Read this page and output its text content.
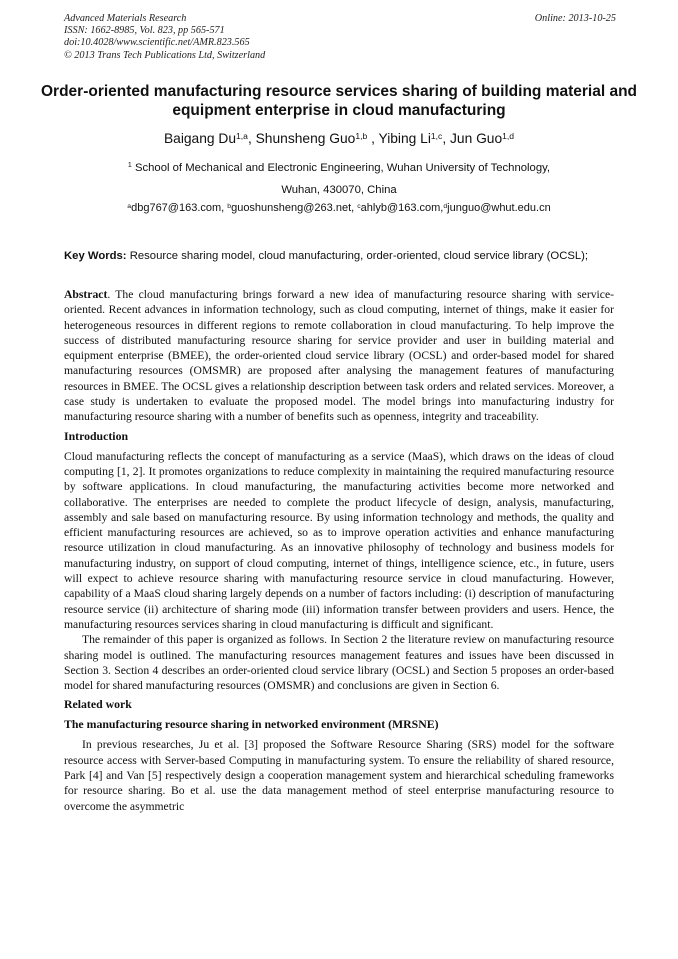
Advanced Materials Research
ISSN: 1662-8985, Vol. 823, pp 565-571
doi:10.4028/www.scientific.net/AMR.823.565
© 2013 Trans Tech Publications Ltd, Switzerland
Online: 2013-10-25
Order-oriented manufacturing resource services sharing of building material and equipment enterprise in cloud manufacturing
Baigang Du$^{1,a}$, Shunsheng Guo$^{1,b}$ , Yibing Li$^{1,c}$, Jun Guo$^{1,d}$
$^1$ School of Mechanical and Electronic Engineering, Wuhan University of Technology,
Wuhan, 430070, China
$^a$dbg767@163.com, $^b$guoshunsheng@263.net, $^c$ahlyb@163.com,$^d$junguo@whut.edu.cn
Key Words: Resource sharing model, cloud manufacturing, order-oriented, cloud service library (OCSL);

Abstract. The cloud manufacturing brings forward a new idea of manufacturing resource sharing with service-oriented. Recent advances in information technology, such as cloud computing, internet of things, make it easier for heterogeneous resources in different regions to remote collaboration in cloud manufacturing. To help improve the success of distributed manufacturing resource sharing for service provider and user in building material and equipment enterprise (BMEE), the order-oriented cloud service library (OCSL) and order-based model for shared manufacturing resources (OMSMR) are proposed after analysing the management features of manufacturing resources in BMEE. The OCSL gives a relationship description between task orders and related services. Moreover, a case study is undertaken to evaluate the proposed model. The model brings into manufacturing industry for manufacturing resource sharing with a number of benefits such as openness, integrity and traceability.

Introduction

Cloud manufacturing reflects the concept of manufacturing as a service (MaaS), which draws on the ideas of cloud computing [1, 2]. It promotes organizations to reduce complexity in maintaining the required manufacturing resource by software applications. In cloud manufacturing, the manufacturing activities become more networked and collaborative. The enterprises are needed to complete the product lifecycle of design, analysis, manufacturing, assembly and sale based on manufacturing resource. By using information technology and methods, the quality and efficient manufacturing resources are achieved, so as to improve operation activities and enhance manufacturing resource utilization in cloud manufacturing. As an innovative philosophy of technology and business models for manufacturing industry, on support of cloud computing, internet of things, intelligence science, etc., in future, users will expect to achieve resource sharing with manufacturing resource service in cloud manufacturing. However, capability of a MaaS cloud sharing largely depends on a number of factors including: (i) description of manufacturing resource service (ii) architecture of sharing mode (iii) information transfer between providers and users. Hence, the manufacturing resources services sharing in cloud manufacturing is difficult and significant.

The remainder of this paper is organized as follows. In Section 2 the literature review on manufacturing resource sharing model is outlined. The manufacturing resources management features and issues have been discussed in Section 3. Section 4 describes an order-oriented cloud service library (OCSL) and Section 5 proposes an order-based model for shared manufacturing resources (OMSMR) and conclusions are given in Section 6.

Related work
The manufacturing resource sharing in networked environment (MRSNE)

In previous researches, Ju et al. [3] proposed the Software Resource Sharing (SRS) model for the software resource access with Server-based Computing in manufacturing system. To ensure the reliability of shared resource, Park [4] and Van [5] respectively design a cooperation management system and hierarchical scheduling frameworks for resource sharing. Bo et al. use the data management method of steel enterprise manufacturing resource to overcome the asymmetric
